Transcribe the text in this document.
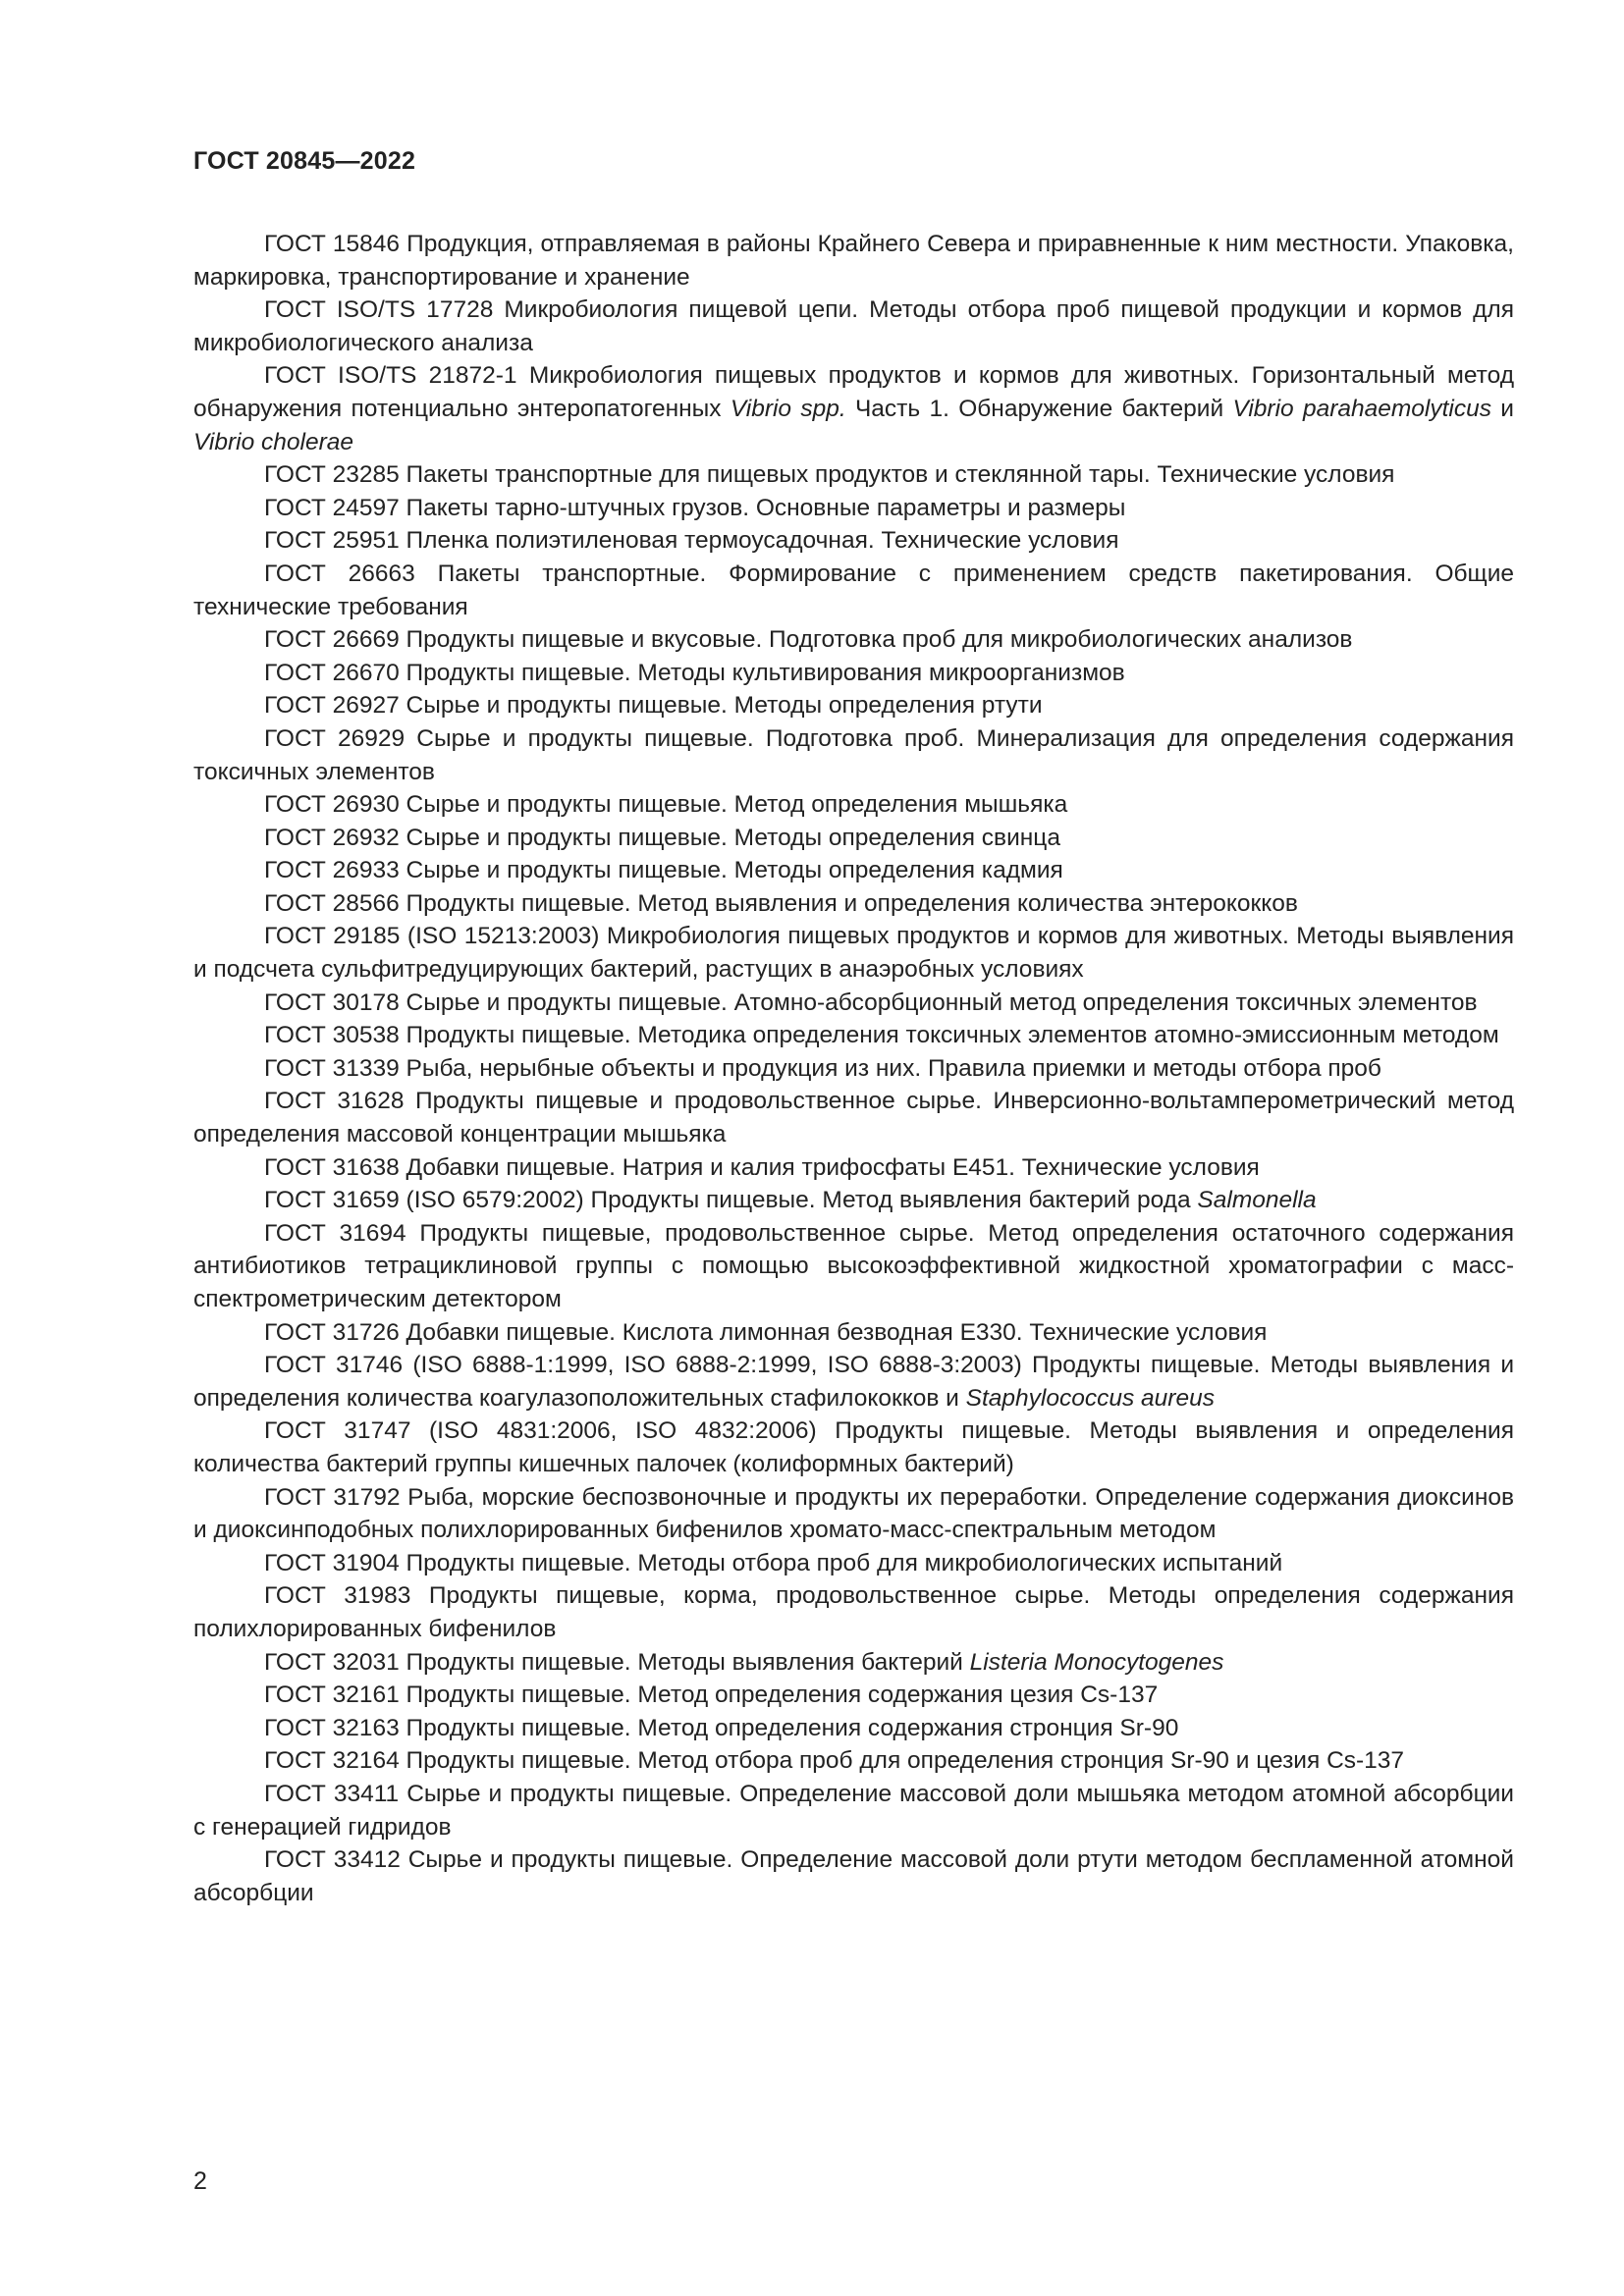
ГОСТ 20845—2022

ГОСТ 15846 Продукция, отправляемая в районы Крайнего Севера и приравненные к ним местности. Упаковка, маркировка, транспортирование и хранение

ГОСТ ISO/TS 17728 Микробиология пищевой цепи. Методы отбора проб пищевой продукции и кормов для микробиологического анализа

ГОСТ ISO/TS 21872-1 Микробиология пищевых продуктов и кормов для животных. Горизонтальный метод обнаружения потенциально энтеропатогенных Vibrio spp. Часть 1. Обнаружение бактерий Vibrio parahaemolyticus и Vibrio cholerae

ГОСТ 23285 Пакеты транспортные для пищевых продуктов и стеклянной тары. Технические условия

ГОСТ 24597 Пакеты тарно-штучных грузов. Основные параметры и размеры

ГОСТ 25951 Пленка полиэтиленовая термоусадочная. Технические условия

ГОСТ 26663 Пакеты транспортные. Формирование с применением средств пакетирования. Общие технические требования

ГОСТ 26669 Продукты пищевые и вкусовые. Подготовка проб для микробиологических анализов

ГОСТ 26670 Продукты пищевые. Методы культивирования микроорганизмов

ГОСТ 26927 Сырье и продукты пищевые. Методы определения ртути

ГОСТ 26929 Сырье и продукты пищевые. Подготовка проб. Минерализация для определения содержания токсичных элементов

ГОСТ 26930 Сырье и продукты пищевые. Метод определения мышьяка

ГОСТ 26932 Сырье и продукты пищевые. Методы определения свинца

ГОСТ 26933 Сырье и продукты пищевые. Методы определения кадмия

ГОСТ 28566 Продукты пищевые. Метод выявления и определения количества энтерококков

ГОСТ 29185 (ISO 15213:2003) Микробиология пищевых продуктов и кормов для животных. Методы выявления и подсчета сульфитредуцирующих бактерий, растущих в анаэробных условиях

ГОСТ 30178 Сырье и продукты пищевые. Атомно-абсорбционный метод определения токсичных элементов

ГОСТ 30538 Продукты пищевые. Методика определения токсичных элементов атомно-эмиссионным методом

ГОСТ 31339 Рыба, нерыбные объекты и продукция из них. Правила приемки и методы отбора проб

ГОСТ 31628 Продукты пищевые и продовольственное сырье. Инверсионно-вольтамперометрический метод определения массовой концентрации мышьяка

ГОСТ 31638 Добавки пищевые. Натрия и калия трифосфаты Е451. Технические условия

ГОСТ 31659 (ISO 6579:2002) Продукты пищевые. Метод выявления бактерий рода Salmonella

ГОСТ 31694 Продукты пищевые, продовольственное сырье. Метод определения остаточного содержания антибиотиков тетрациклиновой группы с помощью высокоэффективной жидкостной хроматографии с масс-спектрометрическим детектором

ГОСТ 31726 Добавки пищевые. Кислота лимонная безводная Е330. Технические условия

ГОСТ 31746 (ISO 6888-1:1999, ISO 6888-2:1999, ISO 6888-3:2003) Продукты пищевые. Методы выявления и определения количества коагулазоположительных стафилококков и Staphylococcus aureus

ГОСТ 31747 (ISO 4831:2006, ISO 4832:2006) Продукты пищевые. Методы выявления и определения количества бактерий группы кишечных палочек (колиформных бактерий)

ГОСТ 31792 Рыба, морские беспозвоночные и продукты их переработки. Определение содержания диоксинов и диоксинподобных полихлорированных бифенилов хромато-масс-спектральным методом

ГОСТ 31904 Продукты пищевые. Методы отбора проб для микробиологических испытаний

ГОСТ 31983 Продукты пищевые, корма, продовольственное сырье. Методы определения содержания полихлорированных бифенилов

ГОСТ 32031 Продукты пищевые. Методы выявления бактерий Listeria Monocytogenes

ГОСТ 32161 Продукты пищевые. Метод определения содержания цезия Cs-137

ГОСТ 32163 Продукты пищевые. Метод определения содержания стронция Sr-90

ГОСТ 32164 Продукты пищевые. Метод отбора проб для определения стронция Sr-90 и цезия Cs-137

ГОСТ 33411 Сырье и продукты пищевые. Определение массовой доли мышьяка методом атомной абсорбции с генерацией гидридов

ГОСТ 33412 Сырье и продукты пищевые. Определение массовой доли ртути методом беспламенной атомной абсорбции

2
